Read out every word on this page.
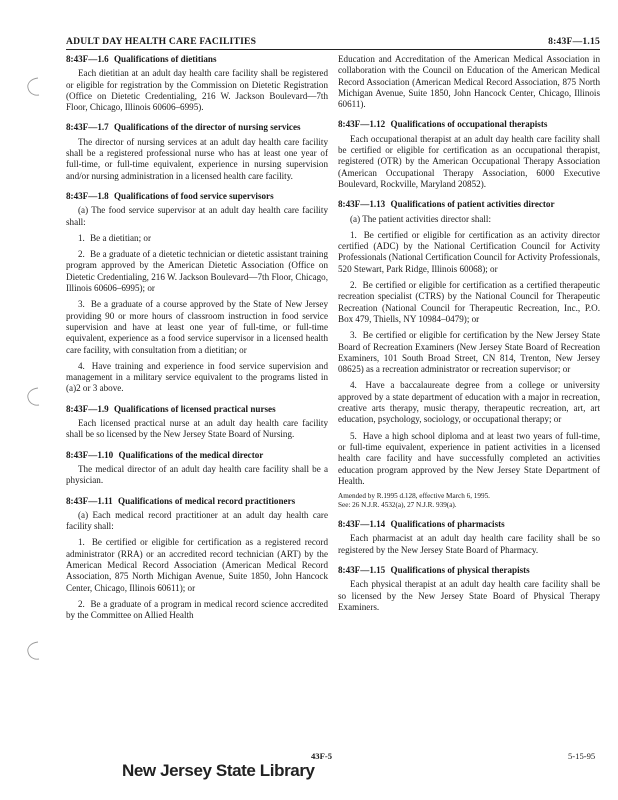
ADULT DAY HEALTH CARE FACILITIES	8:43F—1.15
8:43F—1.6 Qualifications of dietitians
Each dietitian at an adult day health care facility shall be registered or eligible for registration by the Commission on Dietetic Registration (Office on Dietetic Credentialing, 216 W. Jackson Boulevard—7th Floor, Chicago, Illinois 60606–6995).
8:43F—1.7 Qualifications of the director of nursing services
The director of nursing services at an adult day health care facility shall be a registered professional nurse who has at least one year of full-time, or full-time equivalent, experience in nursing supervision and/or nursing administration in a licensed health care facility.
8:43F—1.8 Qualifications of food service supervisors
(a) The food service supervisor at an adult day health care facility shall:
1. Be a dietitian; or
2. Be a graduate of a dietetic technician or dietetic assistant training program approved by the American Dietetic Association (Office on Dietetic Credentialing, 216 W. Jackson Boulevard—7th Floor, Chicago, Illinois 60606–6995); or
3. Be a graduate of a course approved by the State of New Jersey providing 90 or more hours of classroom instruction in food service supervision and have at least one year of full-time, or full-time equivalent, experience as a food service supervisor in a licensed health care facility, with consultation from a dietitian; or
4. Have training and experience in food service supervision and management in a military service equivalent to the programs listed in (a)2 or 3 above.
8:43F—1.9 Qualifications of licensed practical nurses
Each licensed practical nurse at an adult day health care facility shall be so licensed by the New Jersey State Board of Nursing.
8:43F—1.10 Qualifications of the medical director
The medical director of an adult day health care facility shall be a physician.
8:43F—1.11 Qualifications of medical record practitioners
(a) Each medical record practitioner at an adult day health care facility shall:
1. Be certified or eligible for certification as a registered record administrator (RRA) or an accredited record technician (ART) by the American Medical Record Association (American Medical Record Association, 875 North Michigan Avenue, Suite 1850, John Hancock Center, Chicago, Illinois 60611); or
2. Be a graduate of a program in medical record science accredited by the Committee on Allied Health
Education and Accreditation of the American Medical Association in collaboration with the Council on Education of the American Medical Record Association (American Medical Record Association, 875 North Michigan Avenue, Suite 1850, John Hancock Center, Chicago, Illinois 60611).
8:43F—1.12 Qualifications of occupational therapists
Each occupational therapist at an adult day health care facility shall be certified or eligible for certification as an occupational therapist, registered (OTR) by the American Occupational Therapy Association (American Occupational Therapy Association, 6000 Executive Boulevard, Rockville, Maryland 20852).
8:43F—1.13 Qualifications of patient activities director
(a) The patient activities director shall:
1. Be certified or eligible for certification as an activity director certified (ADC) by the National Certification Council for Activity Professionals (National Certification Council for Activity Professionals, 520 Stewart, Park Ridge, Illinois 60068); or
2. Be certified or eligible for certification as a certified therapeutic recreation specialist (CTRS) by the National Council for Therapeutic Recreation (National Council for Therapeutic Recreation, Inc., P.O. Box 479, Thiells, NY 10984–0479); or
3. Be certified or eligible for certification by the New Jersey State Board of Recreation Examiners (New Jersey State Board of Recreation Examiners, 101 South Broad Street, CN 814, Trenton, New Jersey 08625) as a recreation administrator or recreation supervisor; or
4. Have a baccalaureate degree from a college or university approved by a state department of education with a major in recreation, creative arts therapy, music therapy, therapeutic recreation, art, art education, psychology, sociology, or occupational therapy; or
5. Have a high school diploma and at least two years of full-time, or full-time equivalent, experience in patient activities in a licensed health care facility and have successfully completed an activities education program approved by the New Jersey State Department of Health.
Amended by R.1995 d.128, effective March 6, 1995.
See: 26 N.J.R. 4532(a), 27 N.J.R. 939(a).
8:43F—1.14 Qualifications of pharmacists
Each pharmacist at an adult day health care facility shall be so registered by the New Jersey State Board of Pharmacy.
8:43F—1.15 Qualifications of physical therapists
Each physical therapist at an adult day health care facility shall be so licensed by the New Jersey State Board of Physical Therapy Examiners.
43F-5	5-15-95
New Jersey State Library
